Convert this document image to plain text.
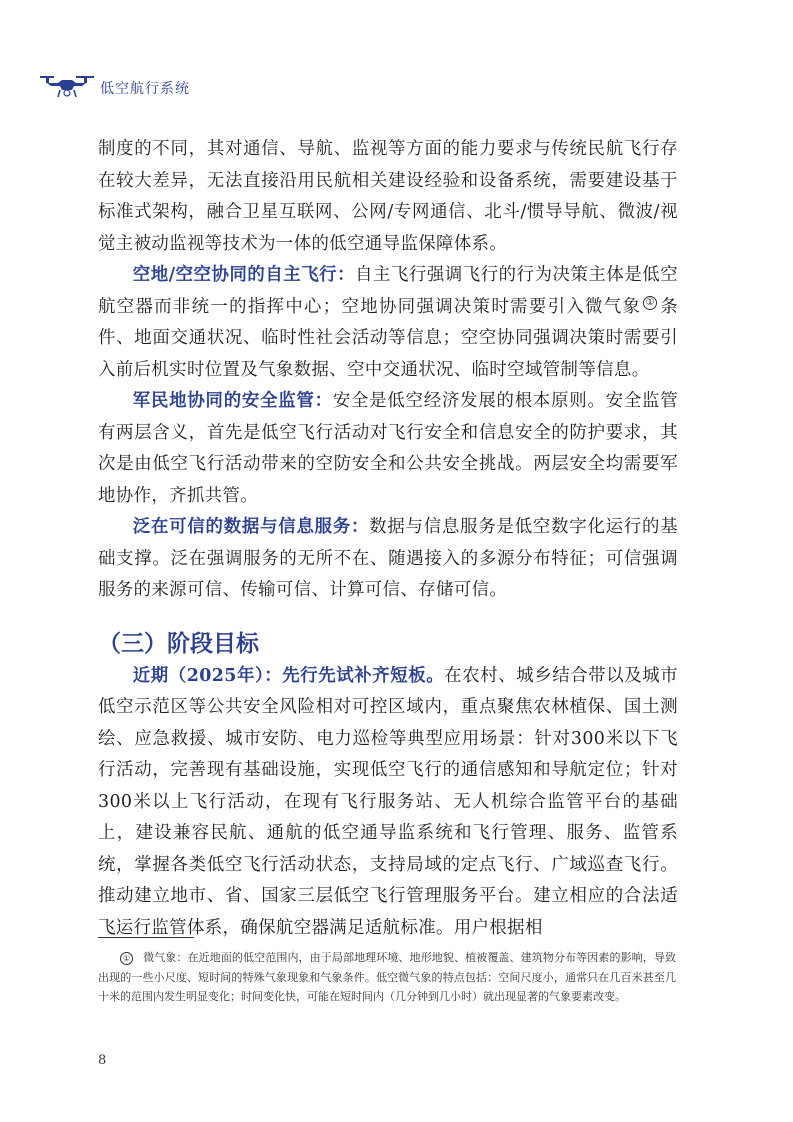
低空航行系统

制度的不同，其对通信、导航、监视等方面的能力要求与传统民航飞行存在较大差异，无法直接沿用民航相关建设经验和设备系统，需要建设基于标准式架构，融合卫星互联网、公网/专网通信、北斗/惯导导航、微波/视觉主被动监视等技术为一体的低空通导监保障体系。

空地/空空协同的自主飞行：自主飞行强调飞行的行为决策主体是低空航空器而非统一的指挥中心；空地协同强调决策时需要引入微气象 ① 条件、地面交通状况、临时性社会活动等信息；空空协同强调决策时需要引入前后机实时位置及气象数据、空中交通状况、临时空域管制等信息。

军民地协同的安全监管：安全是低空经济发展的根本原则。安全监管有两层含义，首先是低空飞行活动对飞行安全和信息安全的防护要求，其次是由低空飞行活动带来的空防安全和公共安全挑战。两层安全均需要军地协作，齐抓共管。

泛在可信的数据与信息服务：数据与信息服务是低空数字化运行的基础支撑。泛在强调服务的无所不在、随遇接入的多源分布特征；可信强调服务的来源可信、传输可信、计算可信、存储可信。

（三）阶段目标

近期（2025年）：先行先试补齐短板。在农村、城乡结合带以及城市低空示范区等公共安全风险相对可控区域内，重点聚焦农林植保、国土测绘、应急救援、城市安防、电力巡检等典型应用场景：针对300米以下飞行活动，完善现有基础设施，实现低空飞行的通信感知和导航定位；针对300米以上飞行活动，在现有飞行服务站、无人机综合监管平台的基础上，建设兼容民航、通航的低空通导监系统和飞行管理、服务、监管系统，掌握各类低空飞行活动状态，支持局域的定点飞行、广域巡查飞行。推动建立地市、省、国家三层低空飞行管理服务平台。建立相应的合法适飞运行监管体系，确保航空器满足适航标准。用户根据相

① 微气象：在近地面的低空范围内，由于局部地理环境、地形地貌、植被覆盖、建筑物分布等因素的影响，导致出现的一些小尺度、短时间的特殊气象现象和气象条件。低空微气象的特点包括：空间尺度小，通常只在几百米甚至几十米的范围内发生明显变化；时间变化快，可能在短时间内（几分钟到几小时）就出现显著的气象要素改变。
8
